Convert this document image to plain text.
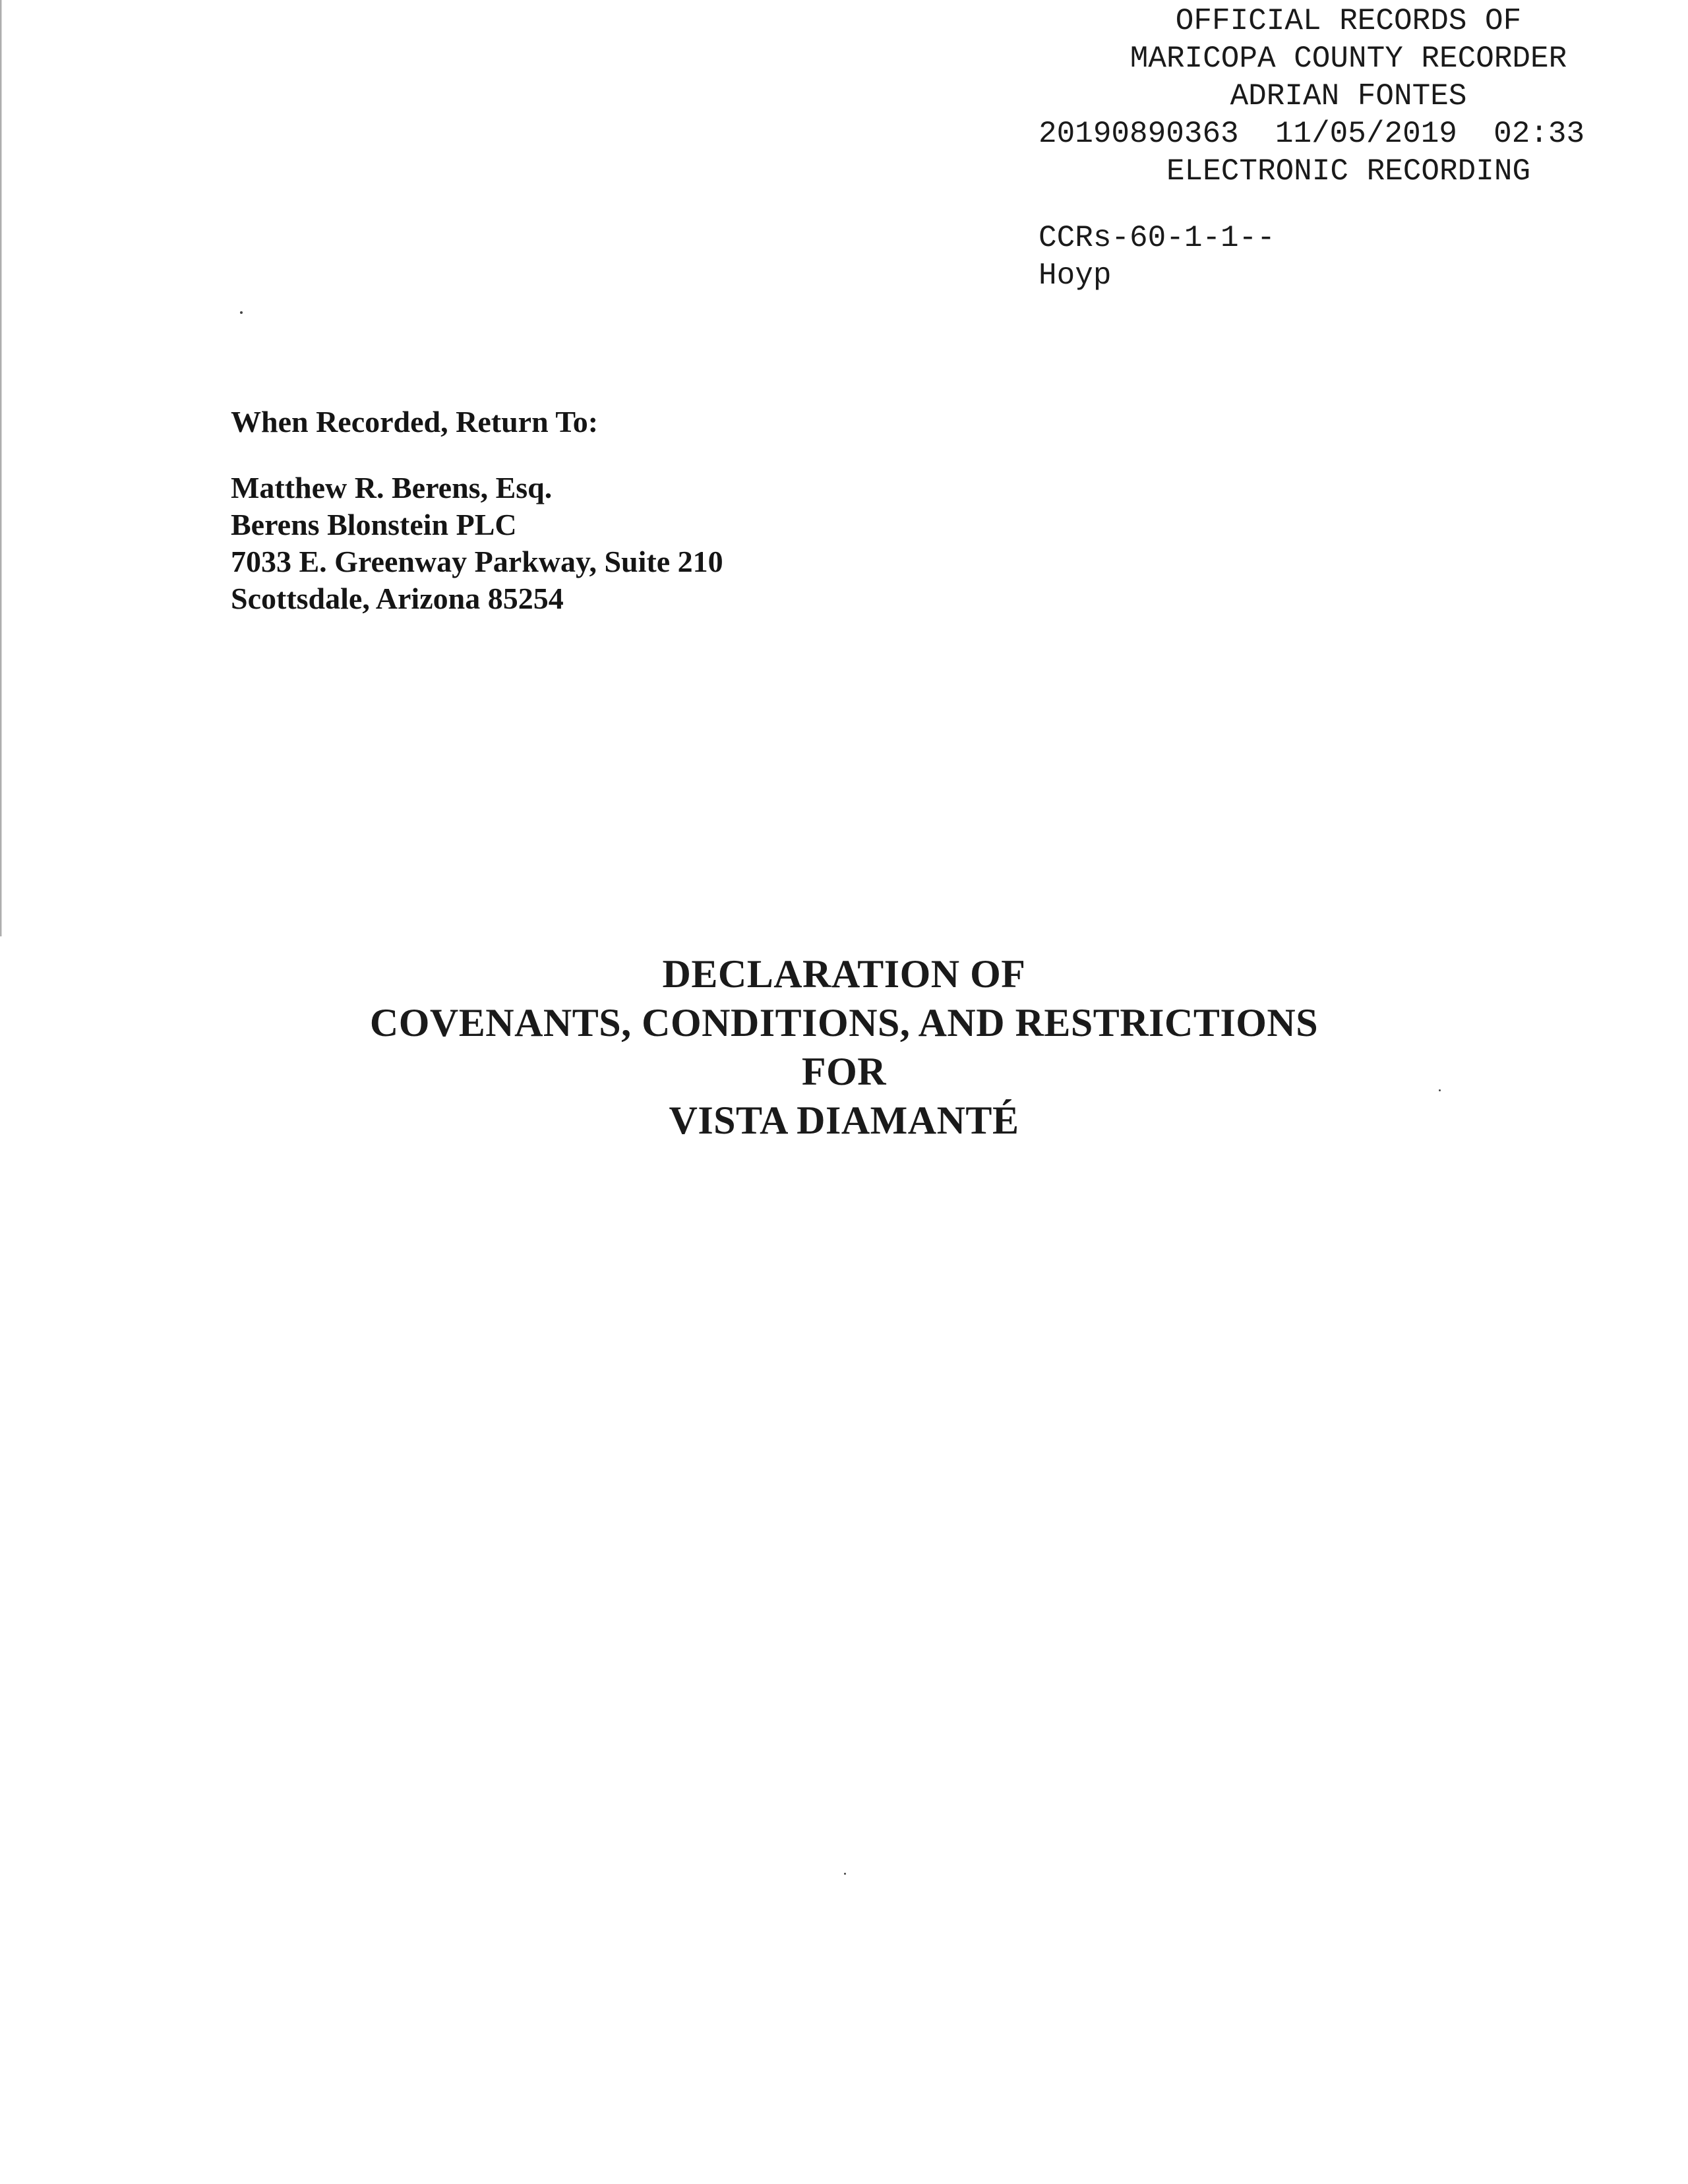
OFFICIAL RECORDS OF
MARICOPA COUNTY RECORDER
ADRIAN FONTES
20190890363  11/05/2019  02:33
ELECTRONIC RECORDING
CCRs-60-1-1--
Hoyp
When Recorded, Return To:
Matthew R. Berens, Esq.
Berens Blonstein PLC
7033 E. Greenway Parkway, Suite 210
Scottsdale, Arizona 85254
DECLARATION OF
COVENANTS, CONDITIONS, AND RESTRICTIONS
FOR
VISTA DIAMANTÉ
